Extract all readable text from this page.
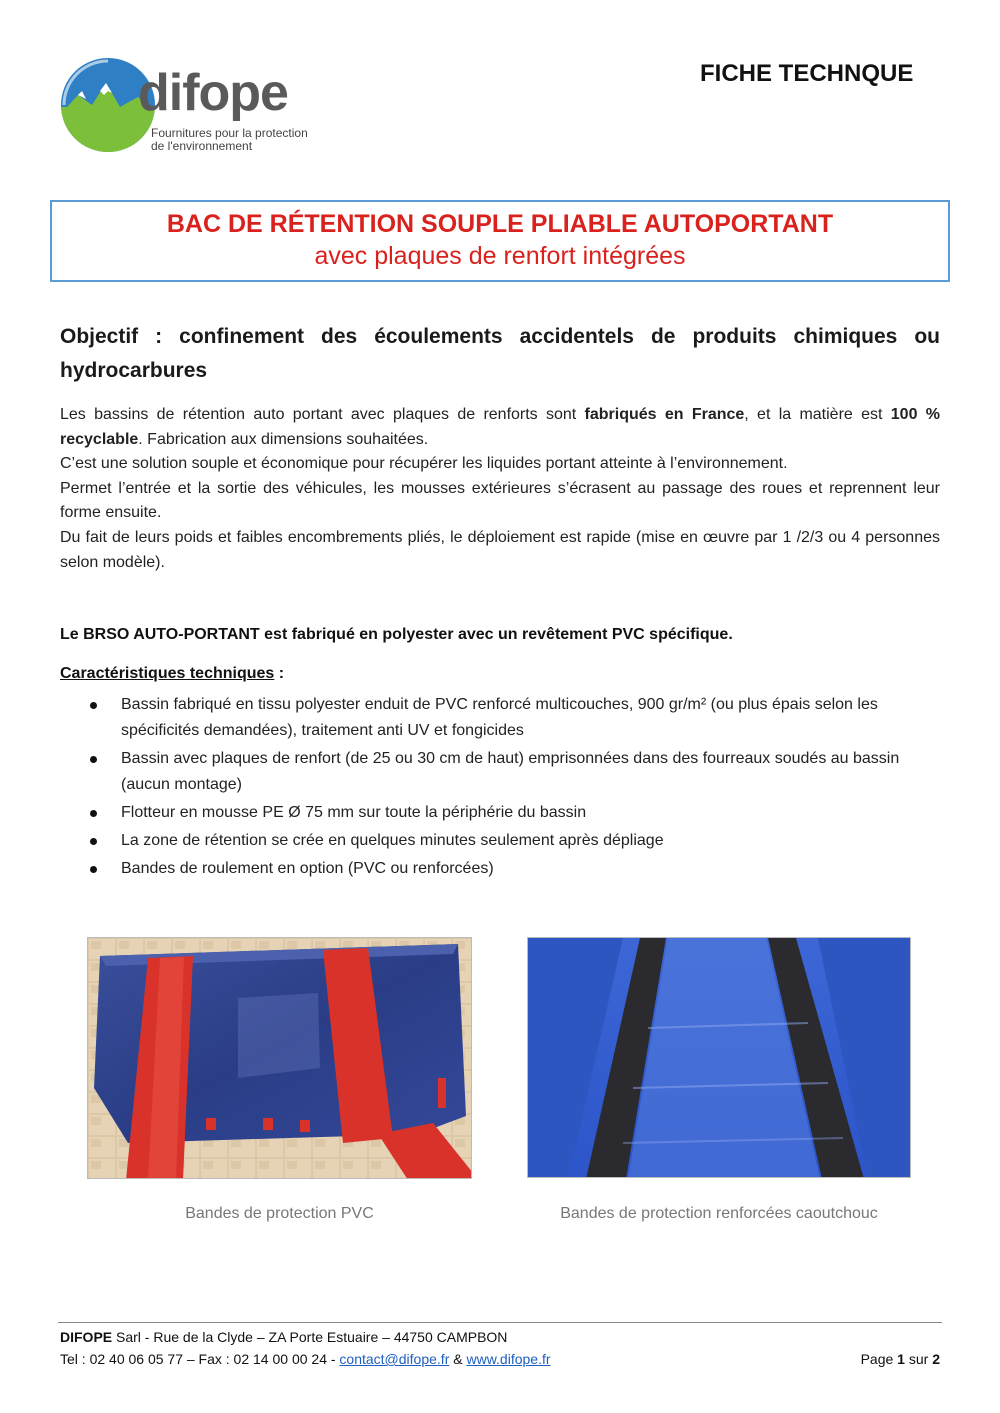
difope
Fournitures pour la protection
de l'environnement
FICHE TECHNQUE
BAC DE RÉTENTION SOUPLE PLIABLE AUTOPORTANT
avec plaques de renfort intégrées
Objectif : confinement des écoulements accidentels de produits chimiques ou hydrocarbures
Les bassins de rétention auto portant avec plaques de renforts sont fabriqués en France, et la matière est 100 % recyclable. Fabrication aux dimensions souhaitées.
C’est une solution souple et économique pour récupérer les liquides portant atteinte à l’environnement.
Permet l’entrée et la sortie des véhicules, les mousses extérieures s’écrasent au passage des roues et reprennent leur forme ensuite.
Du fait de leurs poids et faibles encombrements pliés, le déploiement est rapide (mise en œuvre par 1 /2/3 ou 4 personnes selon modèle).
Le BRSO AUTO-PORTANT est fabriqué en polyester avec un revêtement PVC spécifique.
Caractéristiques techniques :
Bassin fabriqué en tissu polyester enduit de PVC renforcé multicouches, 900 gr/m² (ou plus épais selon les spécificités demandées), traitement anti UV et fongicides
Bassin avec plaques de renfort (de 25 ou 30 cm de haut) emprisonnées dans des fourreaux soudés au bassin (aucun montage)
Flotteur en mousse PE Ø 75 mm sur toute la périphérie du bassin
La zone de rétention se crée en quelques minutes seulement après dépliage
Bandes de roulement en option (PVC ou renforcées)
Bandes de protection PVC	Bandes de protection renforcées caoutchouc
DIFOPE Sarl - Rue de la Clyde – ZA Porte Estuaire – 44750 CAMPBON
Tel : 02 40 06 05 77 – Fax : 02 14 00 00 24 - contact@difope.fr & www.difope.fr	Page 1 sur 2
